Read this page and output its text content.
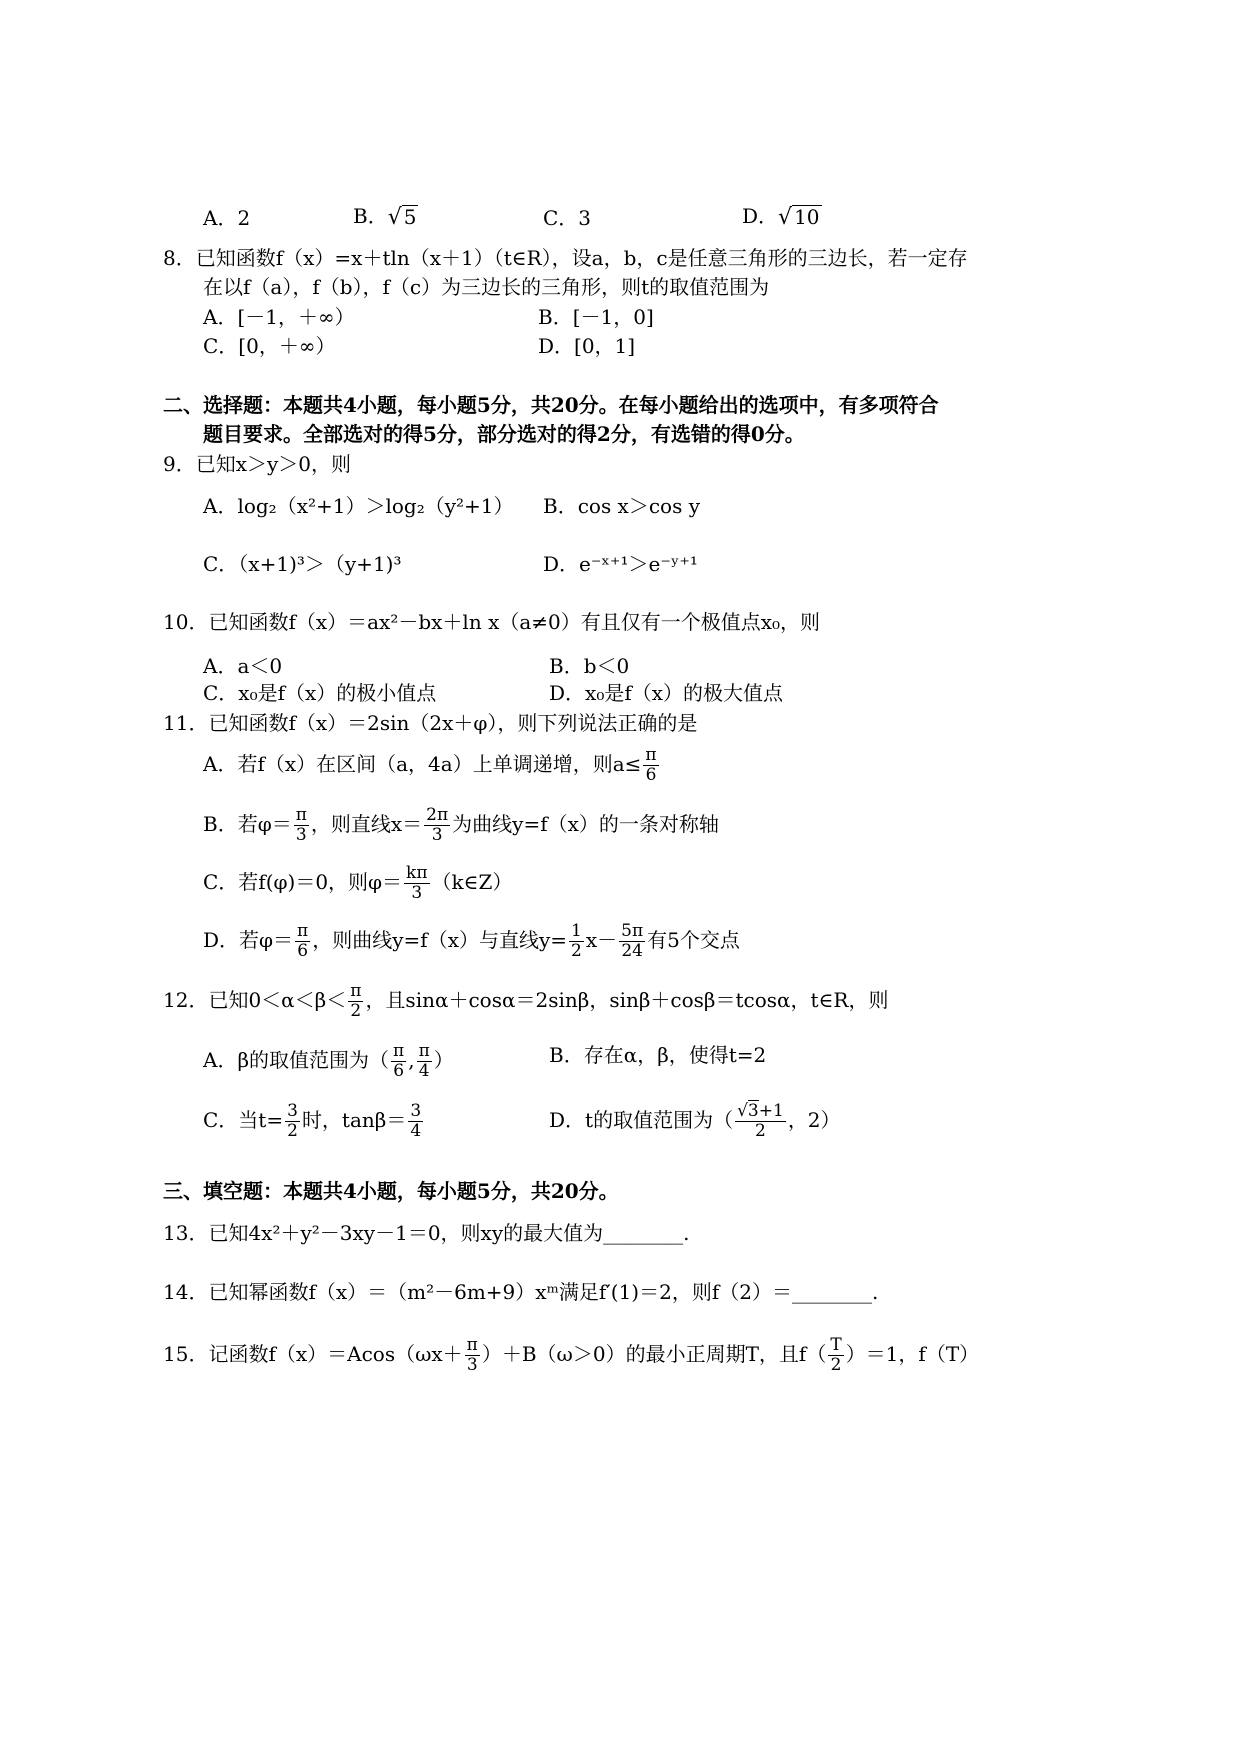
A．2	B．√ 5	C．3	D．√ 10
8．已知函数f（x）=x＋tln（x＋1）（t∈R），设a，b，c是任意三角形的三边长，若一定存
在以f（a），f（b），f（c）为三边长的三角形，则t的取值范围为
A．[－1，＋∞）	B．[－1，0]
C．[0，＋∞）	D．[0，1]
二、选择题：本题共4小题，每小题5分，共20分。在每小题给出的选项中，有多项符合
题目要求。全部选对的得5分，部分选对的得2分，有选错的得0分。
9．已知x＞y＞0，则
A．log₂（x²+1）＞log₂（y²+1） B．cos x＞cos y
C．（x+1)³＞（y+1)³	D．e⁻ˣ⁺¹＞e⁻ʸ⁺¹
10．已知函数f（x）＝ax²－bx＋ln x（a≠0）有且仅有一个极值点x₀，则
A．a＜0	B．b＜0
C．x₀是f（x）的极小值点	D．x₀是f（x）的极大值点
11．已知函数f（x）＝2sin（2x＋φ），则下列说法正确的是
A．若f（x）在区间（a，4a）上单调递增，则$a\le \frac{\pi}{6}$
B．若$\varphi= \frac{\pi}{3}$ ，则直线$x= \frac{2\pi}{3}$ 为曲线y=f（x）的一条对称轴
C．若f(φ)＝0，则$\varphi= \frac{k\pi}{3}$ （k∈Z）
D．若$\varphi= \frac{\pi}{6}$ ，则曲线y=f（x）与直线$y= \frac{1}{2} x- \frac{5\pi}{24}$ 有5个交点
12．已知$0<\alpha<\beta< \frac{\pi}{2}$ ，且sinα＋cosα＝2sinβ，sinβ＋cosβ＝tcosα，t∈R，则
A．β的取值范围为（ $\frac{\pi}{6}$ , $\frac{\pi}{4}$ ）	B．存在α，β，使得t=2
C．当$t= \frac{3}{2}$ 时，$\tan\beta= \frac{3}{4}$	D．t的取值范围为（ $\frac{√3+1}{2}$ ，2）
三、填空题：本题共4小题，每小题5分，共20分。
13．已知4x²＋y²－3xy－1＝0，则xy的最大值为________.
14．已知幂函数f（x）＝（m²－6m+9）xᵐ满足f′(1)＝2，则f（2）＝________.
15．记函数$f(x)=Acos(\omega x+ \frac{\pi}{3} )+B(\omega>0)$的最小正周期T，且$f( \frac{T}{2} )=1$，f（T）
